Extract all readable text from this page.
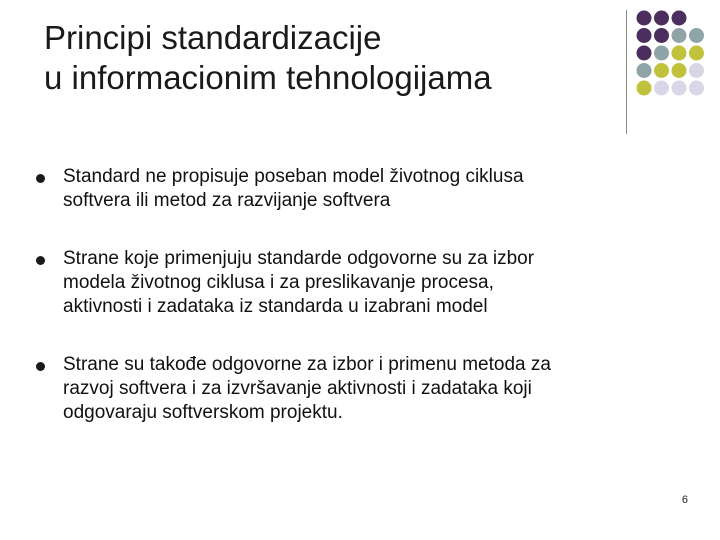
Principi standardizacije
u informacionim tehnologijama
Standard ne propisuje poseban model životnog ciklusa
softvera ili metod za razvijanje softvera
Strane koje primenjuju standarde odgovorne su za izbor
modela životnog ciklusa i za preslikavanje procesa,
aktivnosti i zadataka iz standarda u izabrani model
Strane su takođe odgovorne za izbor i primenu metoda za
razvoj softvera i za izvršavanje aktivnosti i zadataka koji
odgovaraju softverskom projektu.
6
